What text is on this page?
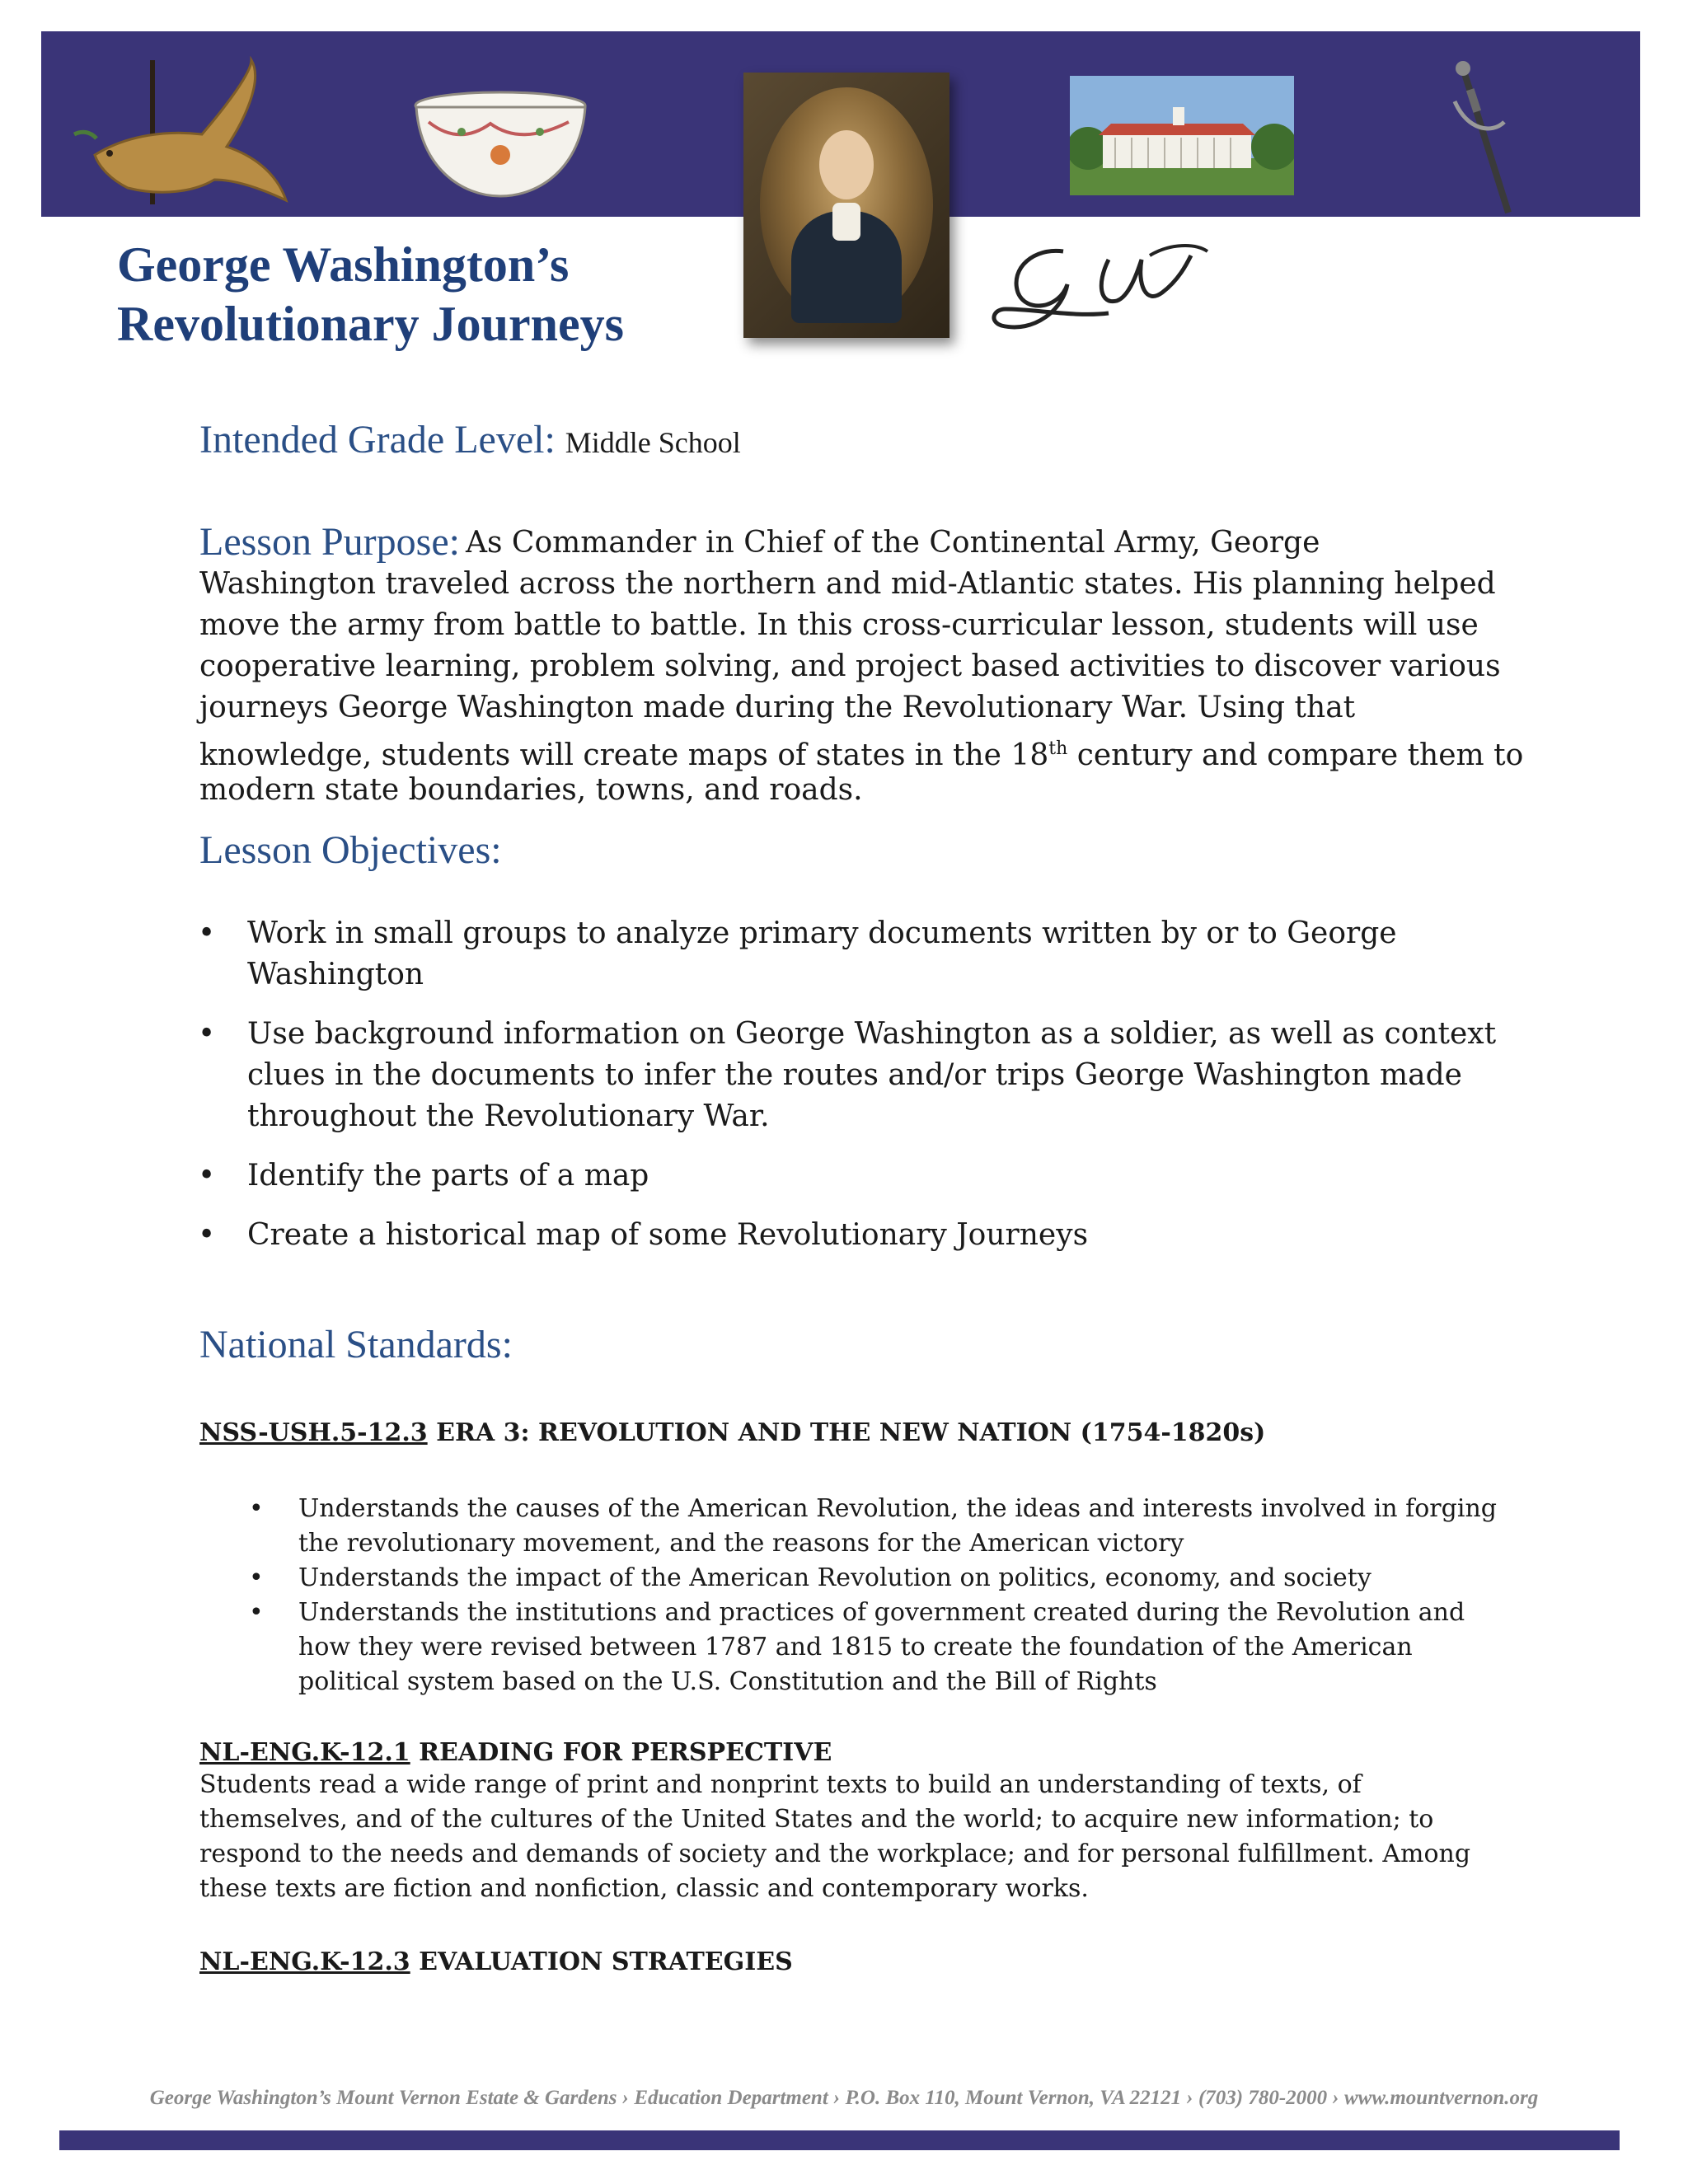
George Washington’s
Revolutionary Journeys
Intended Grade Level: Middle School
Lesson Purpose: As Commander in Chief of the Continental Army, George
Washington traveled across the northern and mid-Atlantic states. His planning helped
move the army from battle to battle. In this cross-curricular lesson, students will use
cooperative learning, problem solving, and project based activities to discover various
journeys George Washington made during the Revolutionary War. Using that
knowledge, students will create maps of states in the 18th century and compare them to
modern state boundaries, towns, and roads.
Lesson Objectives:
• Work in small groups to analyze primary documents written by or to George Washington
• Use background information on George Washington as a soldier, as well as context clues in the documents to infer the routes and/or trips George Washington made throughout the Revolutionary War.
• Identify the parts of a map
• Create a historical map of some Revolutionary Journeys
National Standards:
NSS-USH.5-12.3 ERA 3: REVOLUTION AND THE NEW NATION (1754-1820s)
• Understands the causes of the American Revolution, the ideas and interests involved in forging the revolutionary movement, and the reasons for the American victory
• Understands the impact of the American Revolution on politics, economy, and society
• Understands the institutions and practices of government created during the Revolution and how they were revised between 1787 and 1815 to create the foundation of the American political system based on the U.S. Constitution and the Bill of Rights
NL-ENG.K-12.1 READING FOR PERSPECTIVE
Students read a wide range of print and nonprint texts to build an understanding of texts, of themselves, and of the cultures of the United States and the world; to acquire new information; to respond to the needs and demands of society and the workplace; and for personal fulfillment. Among these texts are fiction and nonfiction, classic and contemporary works.
NL-ENG.K-12.3 EVALUATION STRATEGIES
George Washington’s Mount Vernon Estate & Gardens › Education Department › P.O. Box 110, Mount Vernon, VA 22121 › (703) 780-2000 › www.mountvernon.org
